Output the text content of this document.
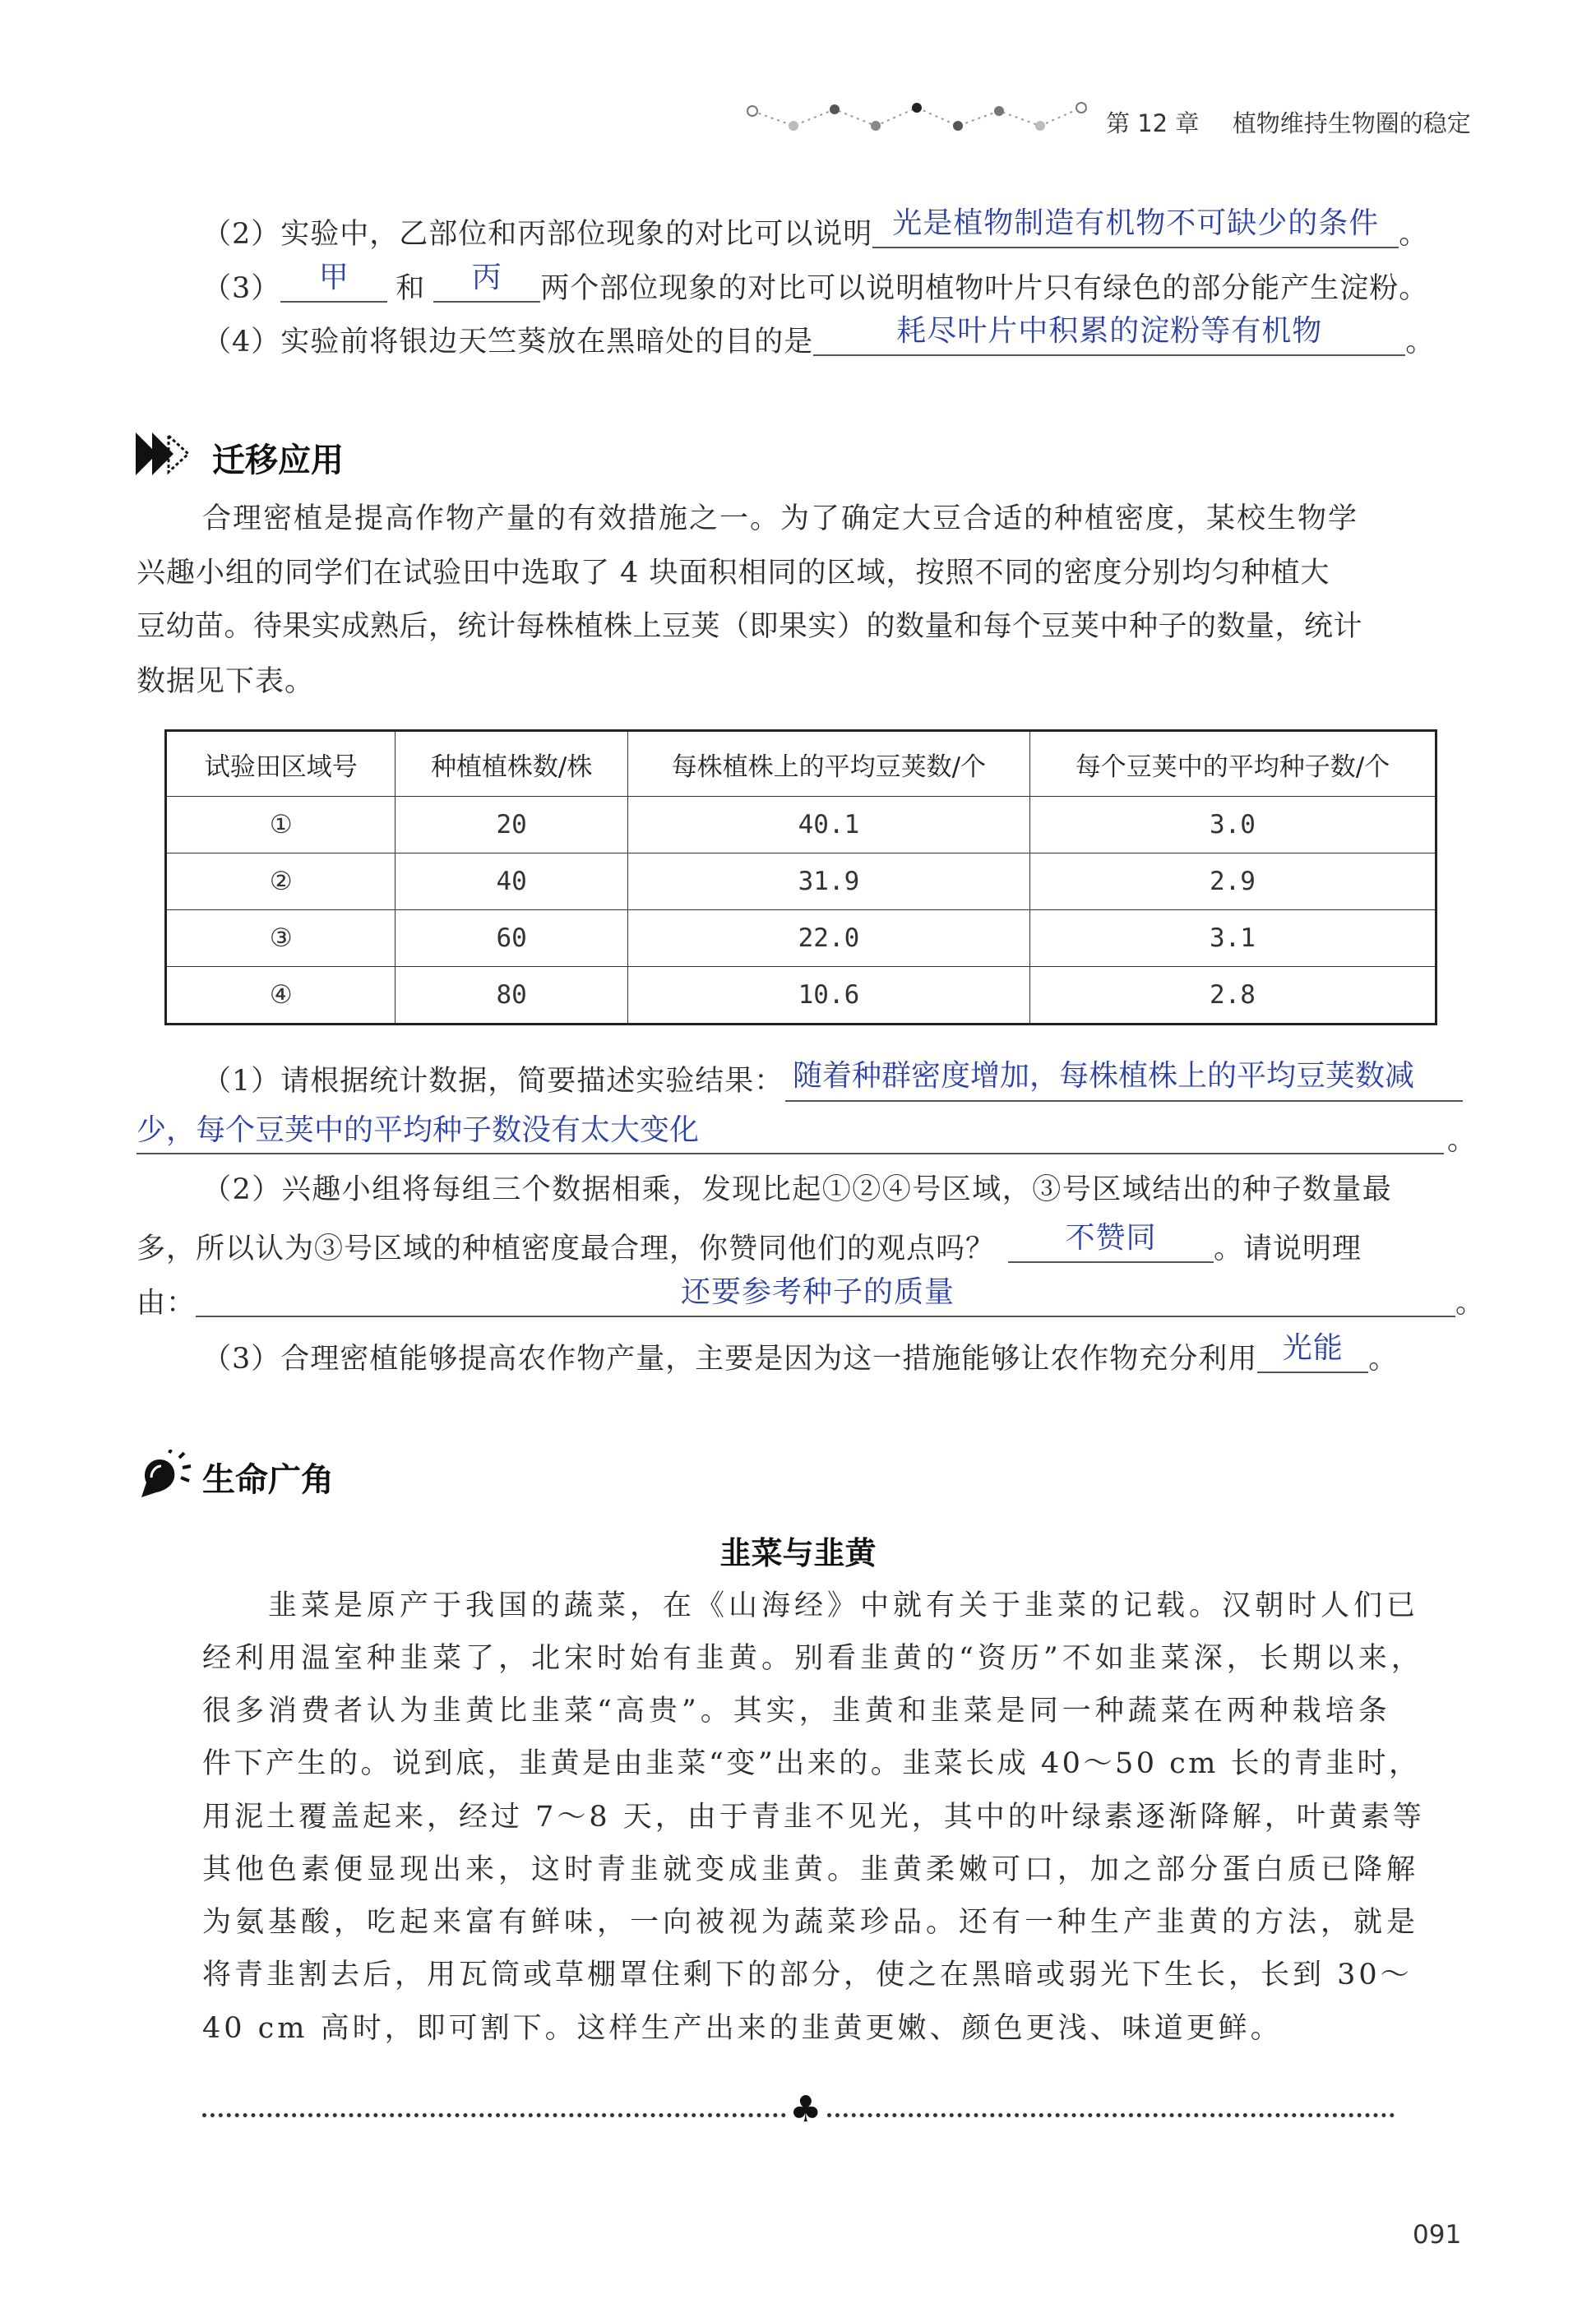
第 12 章 植物维持生物圈的稳定
（2）实验中，乙部位和丙部位现象的对比可以说明 光是植物制造有机物不可缺少的条件 。
（3）	甲	和	丙	两个部位现象的对比可以说明植物叶片只有绿色的部分能产生淀粉。
（4）实验前将银边天竺葵放在黑暗处的目的是	耗尽叶片中积累的淀粉等有机物	。
迁移应用
合理密植是提高作物产量的有效措施之一。为了确定大豆合适的种植密度，某校生物学
兴趣小组的同学们在试验田中选取了 4 块面积相同的区域，按照不同的密度分别均匀种植大
豆幼苗。待果实成熟后，统计每株植株上豆荚（即果实）的数量和每个豆荚中种子的数量，统计
数据见下表。
试验田区域号	种植植株数/株	每株植株上的平均豆荚数/个	每个豆荚中的平均种子数/个
①	20	40.1	3.0
②	40	31.9	2.9
③	60	22.0	3.1
④	80	10.6	2.8
（1）请根据统计数据，简要描述实验结果： 随着种群密度增加，每株植株上的平均豆荚数减
少，每个豆荚中的平均种子数没有太大变化	。
（2）兴趣小组将每组三个数据相乘，发现比起①②④号区域，③号区域结出的种子数量最
多，所以认为③号区域的种植密度最合理，你赞同他们的观点吗？	不赞同	。请说明理
由：	还要参考种子的质量	。
（3）合理密植能够提高农作物产量，主要是因为这一措施能够让农作物充分利用 光能 。
生命广角
韭菜与韭黄
韭菜是原产于我国的蔬菜，在《山海经》中就有关于韭菜的记载。汉朝时人们已
经利用温室种韭菜了，北宋时始有韭黄。别看韭黄的“资历”不如韭菜深，长期以来，
很多消费者认为韭黄比韭菜“高贵”。其实，韭黄和韭菜是同一种蔬菜在两种栽培条
件下产生的。说到底，韭黄是由韭菜“变”出来的。韭菜长成 40～50 cm 长的青韭时，
用泥土覆盖起来，经过 7～8 天，由于青韭不见光，其中的叶绿素逐渐降解，叶黄素等
其他色素便显现出来，这时青韭就变成韭黄。韭黄柔嫩可口，加之部分蛋白质已降解
为氨基酸，吃起来富有鲜味，一向被视为蔬菜珍品。还有一种生产韭黄的方法，就是
将青韭割去后，用瓦筒或草棚罩住剩下的部分，使之在黑暗或弱光下生长，长到 30～
40 cm 高时，即可割下。这样生产出来的韭黄更嫩、颜色更浅、味道更鲜。
♣
091
